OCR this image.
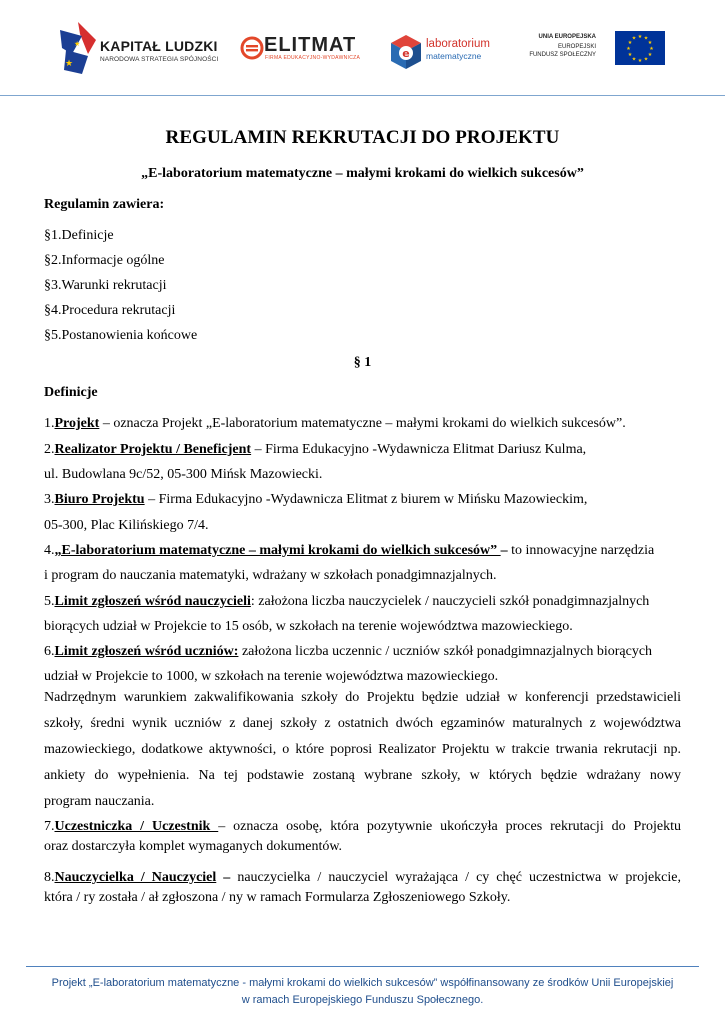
★
★ KAPITAŁ LUDZKI
NARODOWA STRATEGIA SPÓJNOŚCI
ELITMAT
FIRMA EDUKACYJNO-WYDAWNICZA	e
laboratorium
matematyczne
UNIA EUROPEJSKA
EUROPEJSKI
FUNDUSZ SPOŁECZNY
★ ★
★
★
★
★
★
★
★
★
★
★
REGULAMIN REKRUTACJI DO PROJEKTU
„E-laboratorium matematyczne – małymi krokami do wielkich sukcesów”
Regulamin zawiera:
§1.Definicje
§2.Informacje ogólne
§3.Warunki rekrutacji
§4.Procedura rekrutacji
§5.Postanowienia końcowe
§ 1
Definicje
1.Projekt – oznacza Projekt „E-laboratorium matematyczne – małymi krokami do wielkich sukcesów”.
2.Realizator Projektu / Beneficjent – Firma Edukacyjno -Wydawnicza Elitmat Dariusz Kulma,
ul. Budowlana 9c/52, 05-300 Mińsk Mazowiecki.
3.Biuro Projektu – Firma Edukacyjno -Wydawnicza Elitmat z biurem w Mińsku Mazowieckim,
05-300, Plac Kilińskiego 7/4.
4.„E-laboratorium matematyczne – małymi krokami do wielkich sukcesów” – to innowacyjne narzędzia
i program do nauczania matematyki, wdrażany w szkołach ponadgimnazjalnych.
5.Limit zgłoszeń wśród nauczycieli: założona liczba nauczycielek / nauczycieli szkół ponadgimnazjalnych
biorących udział w Projekcie to 15 osób, w szkołach na terenie województwa mazowieckiego.
6.Limit zgłoszeń wśród uczniów: założona liczba uczennic / uczniów szkół ponadgimnazjalnych biorących
udział w Projekcie to 1000, w szkołach na terenie województwa mazowieckiego.
Nadrzędnym warunkiem zakwalifikowania szkoły do Projektu będzie udział w konferencji przedstawicieli
szkoły, średni wynik uczniów z danej szkoły z ostatnich dwóch egzaminów maturalnych z województwa
mazowieckiego, dodatkowe aktywności, o które poprosi Realizator Projektu w trakcie trwania rekrutacji np.
ankiety do wypełnienia. Na tej podstawie zostaną wybrane szkoły, w których będzie wdrażany nowy
program nauczania.
7.Uczestniczka / Uczestnik – oznacza osobę, która pozytywnie ukończyła proces rekrutacji do Projektu
oraz dostarczyła komplet wymaganych dokumentów.
8.Nauczycielka / Nauczyciel – nauczycielka / nauczyciel wyrażająca / cy chęć uczestnictwa w projekcie,
która / ry została / ał zgłoszona / ny w ramach Formularza Zgłoszeniowego Szkoły.
Projekt „E-laboratorium matematyczne - małymi krokami do wielkich sukcesów” współfinansowany ze środków Unii Europejskiej
w ramach Europejskiego Funduszu Społecznego.
